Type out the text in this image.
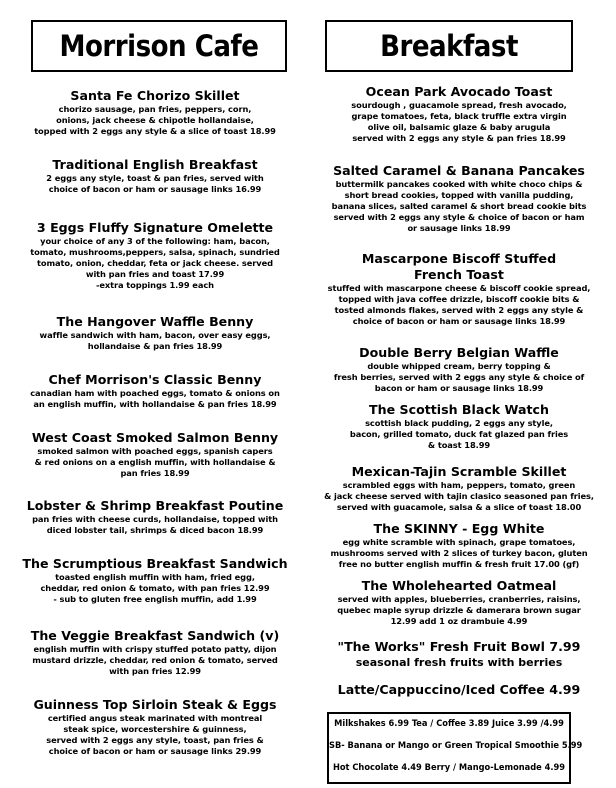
Morrison Cafe	Breakfast
Santa Fe Chorizo Skillet
chorizo sausage, pan fries, peppers, corn,
onions, jack cheese & chipotle hollandaise,
topped with 2 eggs any style & a slice of toast 18.99
Traditional English Breakfast
2 eggs any style, toast & pan fries, served with
choice of bacon or ham or sausage links 16.99
3 Eggs Fluffy Signature Omelette
your choice of any 3 of the following: ham, bacon,
tomato, mushrooms,peppers, salsa, spinach, sundried
tomato, onion, cheddar, feta or jack cheese. served
with pan fries and toast 17.99
-extra toppings 1.99 each
The Hangover Waffle Benny
waffle sandwich with ham, bacon, over easy eggs,
hollandaise & pan fries 18.99
Chef Morrison's Classic Benny
canadian ham with poached eggs, tomato & onions on
an english muffin, with hollandaise & pan fries 18.99
West Coast Smoked Salmon Benny
smoked salmon with poached eggs, spanish capers
& red onions on a english muffin, with hollandaise &
pan fries 18.99
Lobster & Shrimp Breakfast Poutine
pan fries with cheese curds, hollandaise, topped with
diced lobster tail, shrimps & diced bacon 18.99
The Scrumptious Breakfast Sandwich
toasted english muffin with ham, fried egg,
cheddar, red onion & tomato, with pan fries 12.99
- sub to gluten free english muffin, add 1.99
The Veggie Breakfast Sandwich (v)
english muffin with crispy stuffed potato patty, dijon
mustard drizzle, cheddar, red onion & tomato, served
with pan fries 12.99
Guinness Top Sirloin Steak & Eggs
certified angus steak marinated with montreal
steak spice, worcestershire & guinness,
served with 2 eggs any style, toast, pan fries &
choice of bacon or ham or sausage links 29.99
Ocean Park Avocado Toast
sourdough , guacamole spread, fresh avocado,
grape tomatoes, feta, black truffle extra virgin
olive oil, balsamic glaze & baby arugula
served with 2 eggs any style & pan fries 18.99
Salted Caramel & Banana Pancakes
buttermilk pancakes cooked with white choco chips &
short bread cookies, topped with vanilla pudding,
banana slices, salted caramel & short bread cookie bits
served with 2 eggs any style & choice of bacon or ham
or sausage links 18.99
Mascarpone Biscoff Stuffed French Toast
stuffed with mascarpone cheese & biscoff cookie spread,
topped with java coffee drizzle, biscoff cookie bits &
tosted almonds flakes, served with 2 eggs any style &
choice of bacon or ham or sausage links 18.99
Double Berry Belgian Waffle
double whipped cream, berry topping &
fresh berries, served with 2 eggs any style & choice of
bacon or ham or sausage links 18.99
The Scottish Black Watch
scottish black pudding, 2 eggs any style,
bacon, grilled tomato, duck fat glazed pan fries
& toast 18.99
Mexican-Tajin Scramble Skillet
scrambled eggs with ham, peppers, tomato, green
& jack cheese served with tajin clasico seasoned pan fries,
served with guacamole, salsa & a slice of toast 18.00
The SKINNY - Egg White
egg white scramble with spinach, grape tomatoes,
mushrooms served with 2 slices of turkey bacon, gluten
free no butter english muffin & fresh fruit 17.00 (gf)
The Wholehearted Oatmeal
served with apples, blueberries, cranberries, raisins,
quebec maple syrup drizzle & damerara brown sugar
12.99 add 1 oz drambuie 4.99
"The Works" Fresh Fruit Bowl 7.99
seasonal fresh fruits with berries
Latte/Cappuccino/Iced Coffee 4.99
Milkshakes 6.99 Tea / Coffee 3.89 Juice 3.99 /4.99
SB- Banana or Mango or Green Tropical Smoothie 5.99
Hot Chocolate 4.49 Berry / Mango-Lemonade 4.99
